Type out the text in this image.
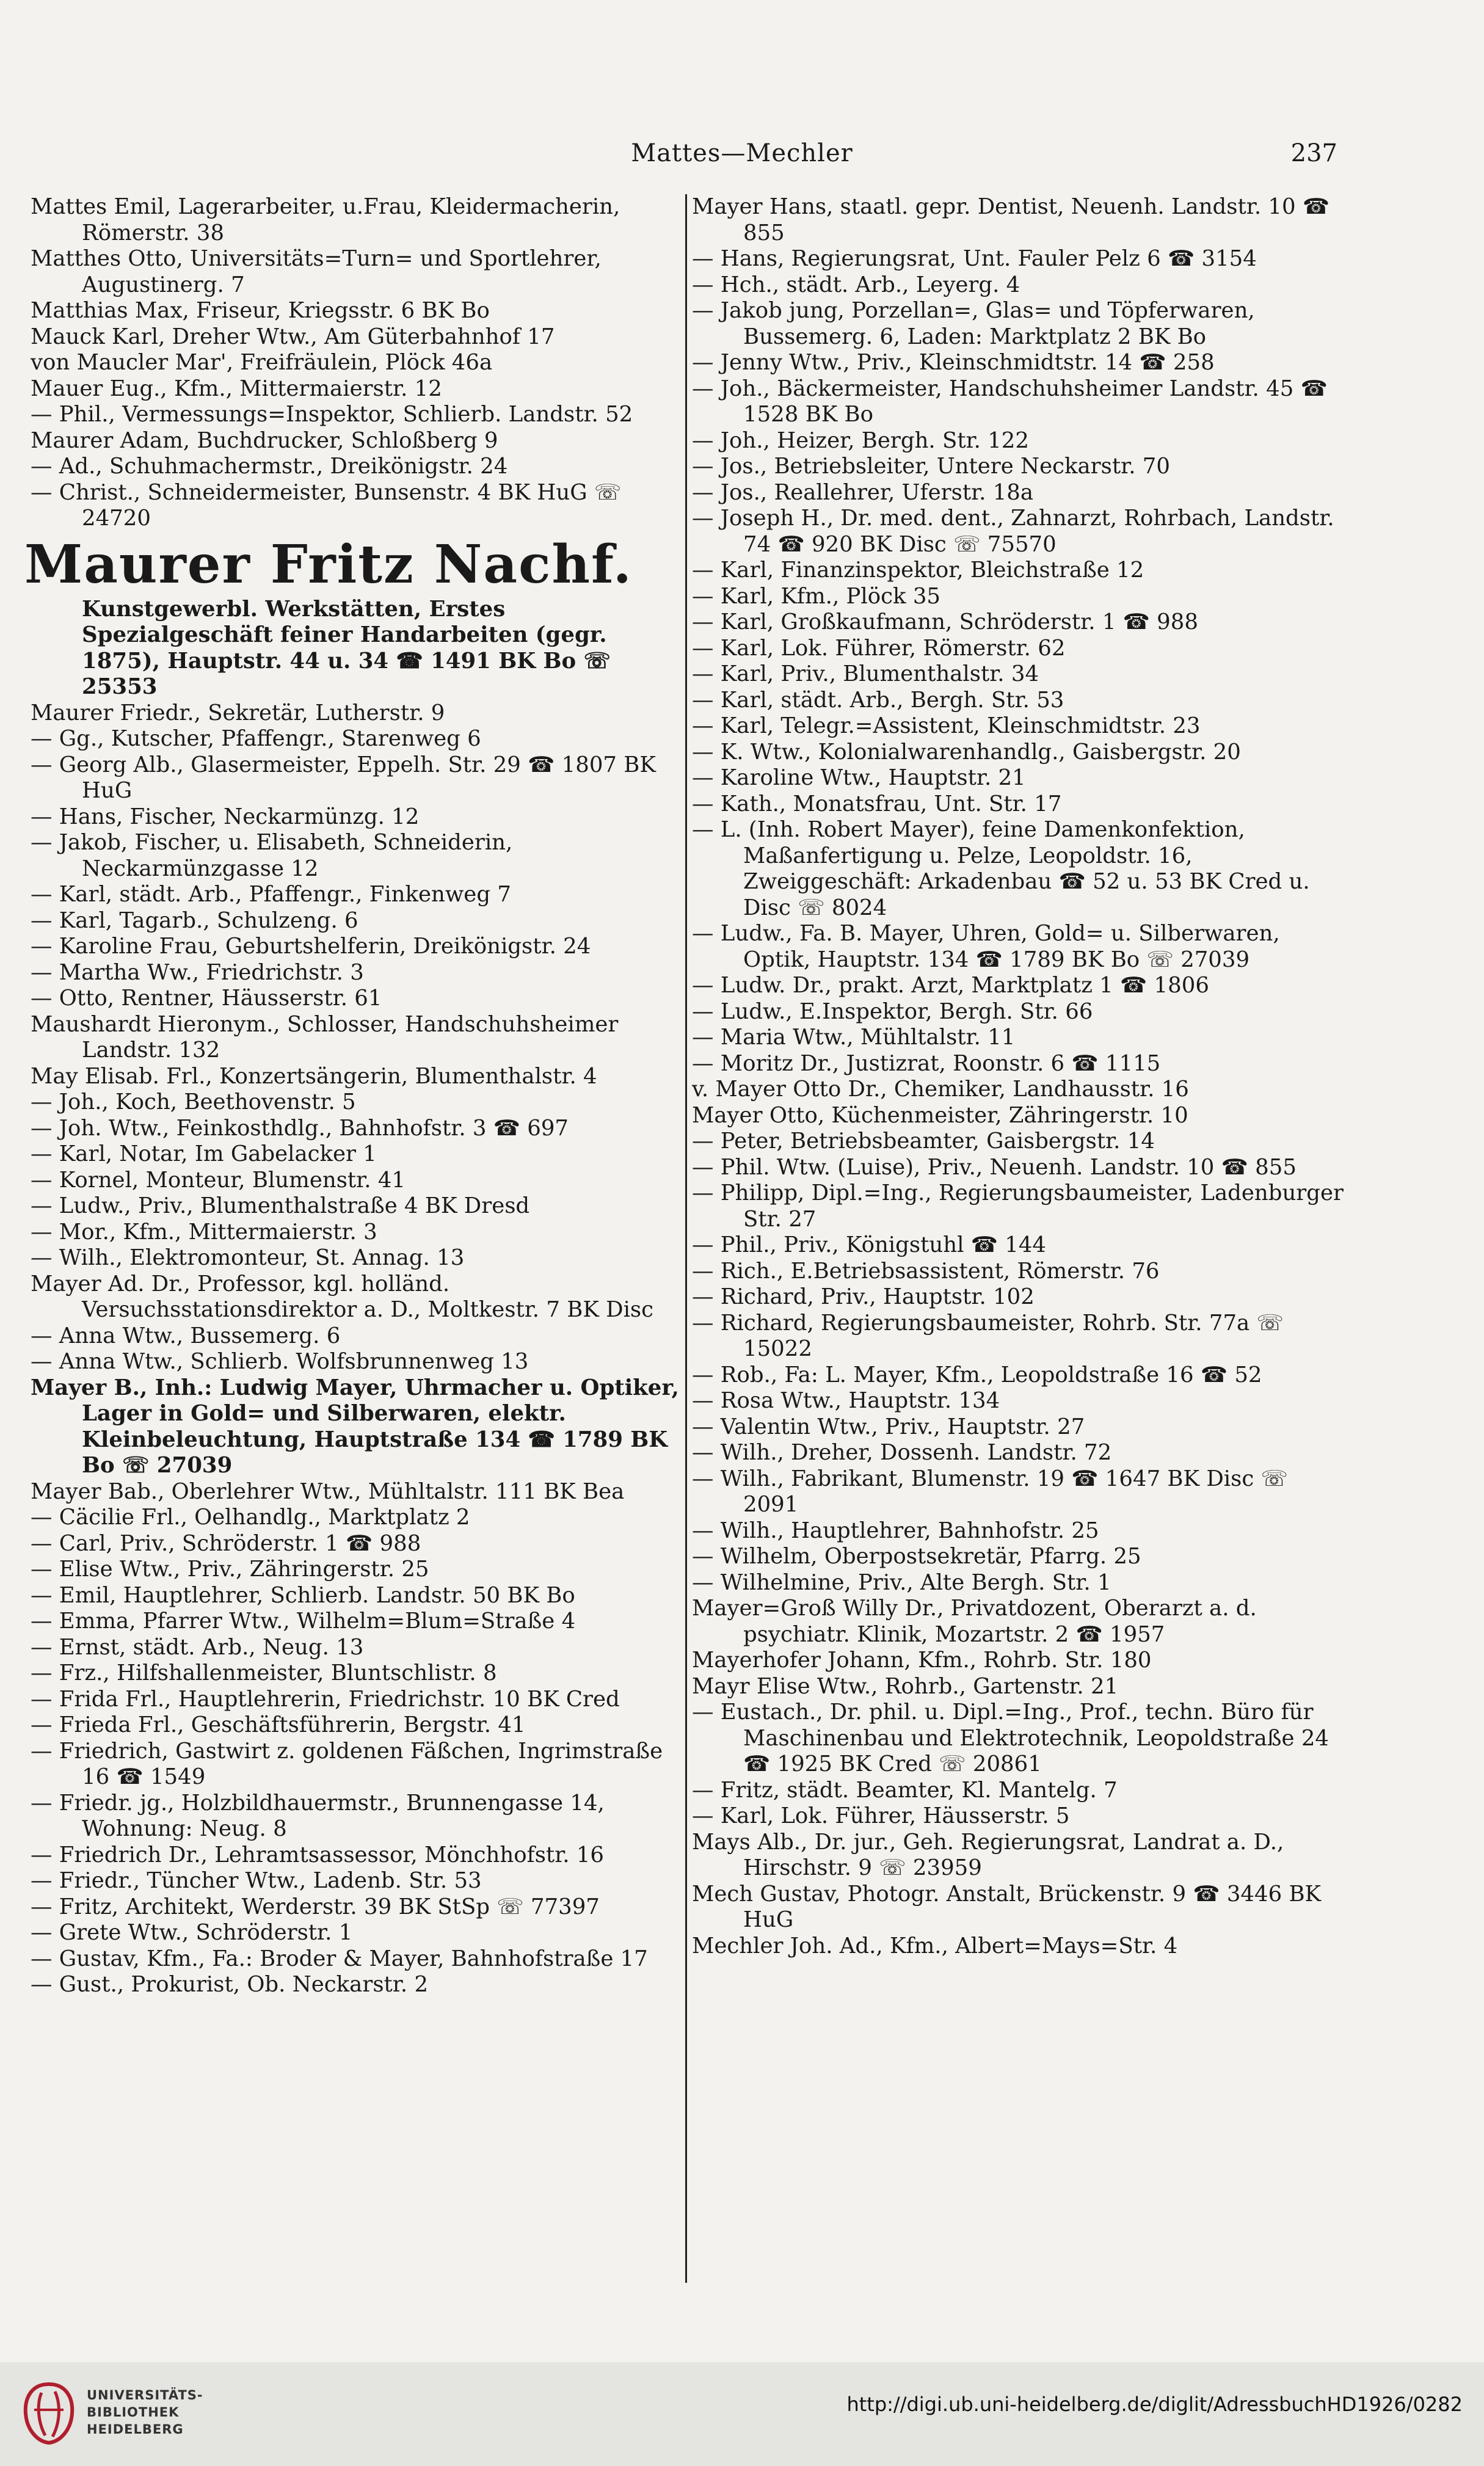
Mattes—Mechler	237
Mattes Emil, Lagerarbeiter, u.Frau, Kleidermacherin, Römerstr. 38
Matthes Otto, Universitäts=Turn= und Sportlehrer, Augustinerg. 7
Matthias Max, Friseur, Kriegsstr. 6 BK Bo
Mauck Karl, Dreher Wtw., Am Güterbahnhof 17
von Maucler Mar', Freifräulein, Plöck 46a
Mauer Eug., Kfm., Mittermaierstr. 12
— Phil., Vermessungs=Inspektor, Schlierb. Landstr. 52
Maurer Adam, Buchdrucker, Schloßberg 9
— Ad., Schuhmachermstr., Dreikönigstr. 24
— Christ., Schneidermeister, Bunsenstr. 4 BK HuG ☏ 24720
Maurer Fritz Nachf.
Kunstgewerbl. Werkstätten, Erstes Spezialgeschäft feiner Handarbeiten (gegr. 1875), Hauptstr. 44 u. 34 ☎ 1491 BK Bo ☏ 25353
Maurer Friedr., Sekretär, Lutherstr. 9
— Gg., Kutscher, Pfaffengr., Starenweg 6
— Georg Alb., Glasermeister, Eppelh. Str. 29 ☎ 1807 BK HuG
— Hans, Fischer, Neckarmünzg. 12
— Jakob, Fischer, u. Elisabeth, Schneiderin, Neckarmünzgasse 12
— Karl, städt. Arb., Pfaffengr., Finkenweg 7
— Karl, Tagarb., Schulzeng. 6
— Karoline Frau, Geburtshelferin, Dreikönigstr. 24
— Martha Ww., Friedrichstr. 3
— Otto, Rentner, Häusserstr. 61
Maushardt Hieronym., Schlosser, Handschuhsheimer Landstr. 132
May Elisab. Frl., Konzertsängerin, Blumenthalstr. 4
— Joh., Koch, Beethovenstr. 5
— Joh. Wtw., Feinkosthdlg., Bahnhofstr. 3 ☎ 697
— Karl, Notar, Im Gabelacker 1
— Kornel, Monteur, Blumenstr. 41
— Ludw., Priv., Blumenthalstraße 4 BK Dresd
— Mor., Kfm., Mittermaierstr. 3
— Wilh., Elektromonteur, St. Annag. 13
Mayer Ad. Dr., Professor, kgl. holländ. Versuchsstationsdirektor a. D., Moltkestr. 7 BK Disc
— Anna Wtw., Bussemerg. 6
— Anna Wtw., Schlierb. Wolfsbrunnenweg 13
Mayer B., Inh.: Ludwig Mayer, Uhrmacher u. Optiker, Lager in Gold= und Silberwaren, elektr. Kleinbeleuchtung, Hauptstraße 134 ☎ 1789 BK Bo ☏ 27039
Mayer Bab., Oberlehrer Wtw., Mühltalstr. 111 BK Bea
— Cäcilie Frl., Oelhandlg., Marktplatz 2
— Carl, Priv., Schröderstr. 1 ☎ 988
— Elise Wtw., Priv., Zähringerstr. 25
— Emil, Hauptlehrer, Schlierb. Landstr. 50 BK Bo
— Emma, Pfarrer Wtw., Wilhelm=Blum=Straße 4
— Ernst, städt. Arb., Neug. 13
— Frz., Hilfshallenmeister, Bluntschlistr. 8
— Frida Frl., Hauptlehrerin, Friedrichstr. 10 BK Cred
— Frieda Frl., Geschäftsführerin, Bergstr. 41
— Friedrich, Gastwirt z. goldenen Fäßchen, Ingrimstraße 16 ☎ 1549
— Friedr. jg., Holzbildhauermstr., Brunnengasse 14, Wohnung: Neug. 8
— Friedrich Dr., Lehramtsassessor, Mönchhofstr. 16
— Friedr., Tüncher Wtw., Ladenb. Str. 53
— Fritz, Architekt, Werderstr. 39 BK StSp ☏ 77397
— Grete Wtw., Schröderstr. 1
— Gustav, Kfm., Fa.: Broder & Mayer, Bahnhofstraße 17
— Gust., Prokurist, Ob. Neckarstr. 2
Mayer Hans, staatl. gepr. Dentist, Neuenh. Landstr. 10 ☎ 855
— Hans, Regierungsrat, Unt. Fauler Pelz 6 ☎ 3154
— Hch., städt. Arb., Leyerg. 4
— Jakob jung, Porzellan=, Glas= und Töpferwaren, Bussemerg. 6, Laden: Marktplatz 2 BK Bo
— Jenny Wtw., Priv., Kleinschmidtstr. 14 ☎ 258
— Joh., Bäckermeister, Handschuhsheimer Landstr. 45 ☎ 1528 BK Bo
— Joh., Heizer, Bergh. Str. 122
— Jos., Betriebsleiter, Untere Neckarstr. 70
— Jos., Reallehrer, Uferstr. 18a
— Joseph H., Dr. med. dent., Zahnarzt, Rohrbach, Landstr. 74 ☎ 920 BK Disc ☏ 75570
— Karl, Finanzinspektor, Bleichstraße 12
— Karl, Kfm., Plöck 35
— Karl, Großkaufmann, Schröderstr. 1 ☎ 988
— Karl, Lok. Führer, Römerstr. 62
— Karl, Priv., Blumenthalstr. 34
— Karl, städt. Arb., Bergh. Str. 53
— Karl, Telegr.=Assistent, Kleinschmidtstr. 23
— K. Wtw., Kolonialwarenhandlg., Gaisbergstr. 20
— Karoline Wtw., Hauptstr. 21
— Kath., Monatsfrau, Unt. Str. 17
— L. (Inh. Robert Mayer), feine Damenkonfektion, Maßanfertigung u. Pelze, Leopoldstr. 16, Zweiggeschäft: Arkadenbau ☎ 52 u. 53 BK Cred u. Disc ☏ 8024
— Ludw., Fa. B. Mayer, Uhren, Gold= u. Silberwaren, Optik, Hauptstr. 134 ☎ 1789 BK Bo ☏ 27039
— Ludw. Dr., prakt. Arzt, Marktplatz 1 ☎ 1806
— Ludw., E.Inspektor, Bergh. Str. 66
— Maria Wtw., Mühltalstr. 11
— Moritz Dr., Justizrat, Roonstr. 6 ☎ 1115
v. Mayer Otto Dr., Chemiker, Landhausstr. 16
Mayer Otto, Küchenmeister, Zähringerstr. 10
— Peter, Betriebsbeamter, Gaisbergstr. 14
— Phil. Wtw. (Luise), Priv., Neuenh. Landstr. 10 ☎ 855
— Philipp, Dipl.=Ing., Regierungsbaumeister, Ladenburger Str. 27
— Phil., Priv., Königstuhl ☎ 144
— Rich., E.Betriebsassistent, Römerstr. 76
— Richard, Priv., Hauptstr. 102
— Richard, Regierungsbaumeister, Rohrb. Str. 77a ☏ 15022
— Rob., Fa: L. Mayer, Kfm., Leopoldstraße 16 ☎ 52
— Rosa Wtw., Hauptstr. 134
— Valentin Wtw., Priv., Hauptstr. 27
— Wilh., Dreher, Dossenh. Landstr. 72
— Wilh., Fabrikant, Blumenstr. 19 ☎ 1647 BK Disc ☏ 2091
— Wilh., Hauptlehrer, Bahnhofstr. 25
— Wilhelm, Oberpostsekretär, Pfarrg. 25
— Wilhelmine, Priv., Alte Bergh. Str. 1
Mayer=Groß Willy Dr., Privatdozent, Oberarzt a. d. psychiatr. Klinik, Mozartstr. 2 ☎ 1957
Mayerhofer Johann, Kfm., Rohrb. Str. 180
Mayr Elise Wtw., Rohrb., Gartenstr. 21
— Eustach., Dr. phil. u. Dipl.=Ing., Prof., techn. Büro für Maschinenbau und Elektrotechnik, Leopoldstraße 24 ☎ 1925 BK Cred ☏ 20861
— Fritz, städt. Beamter, Kl. Mantelg. 7
— Karl, Lok. Führer, Häusserstr. 5
Mays Alb., Dr. jur., Geh. Regierungsrat, Landrat a. D., Hirschstr. 9 ☏ 23959
Mech Gustav, Photogr. Anstalt, Brückenstr. 9 ☎ 3446 BK HuG
Mechler Joh. Ad., Kfm., Albert=Mays=Str. 4
UNIVERSITÄTS-
BIBLIOTHEK
HEIDELBERG
http://digi.ub.uni-heidelberg.de/diglit/AdressbuchHD1926/0282
